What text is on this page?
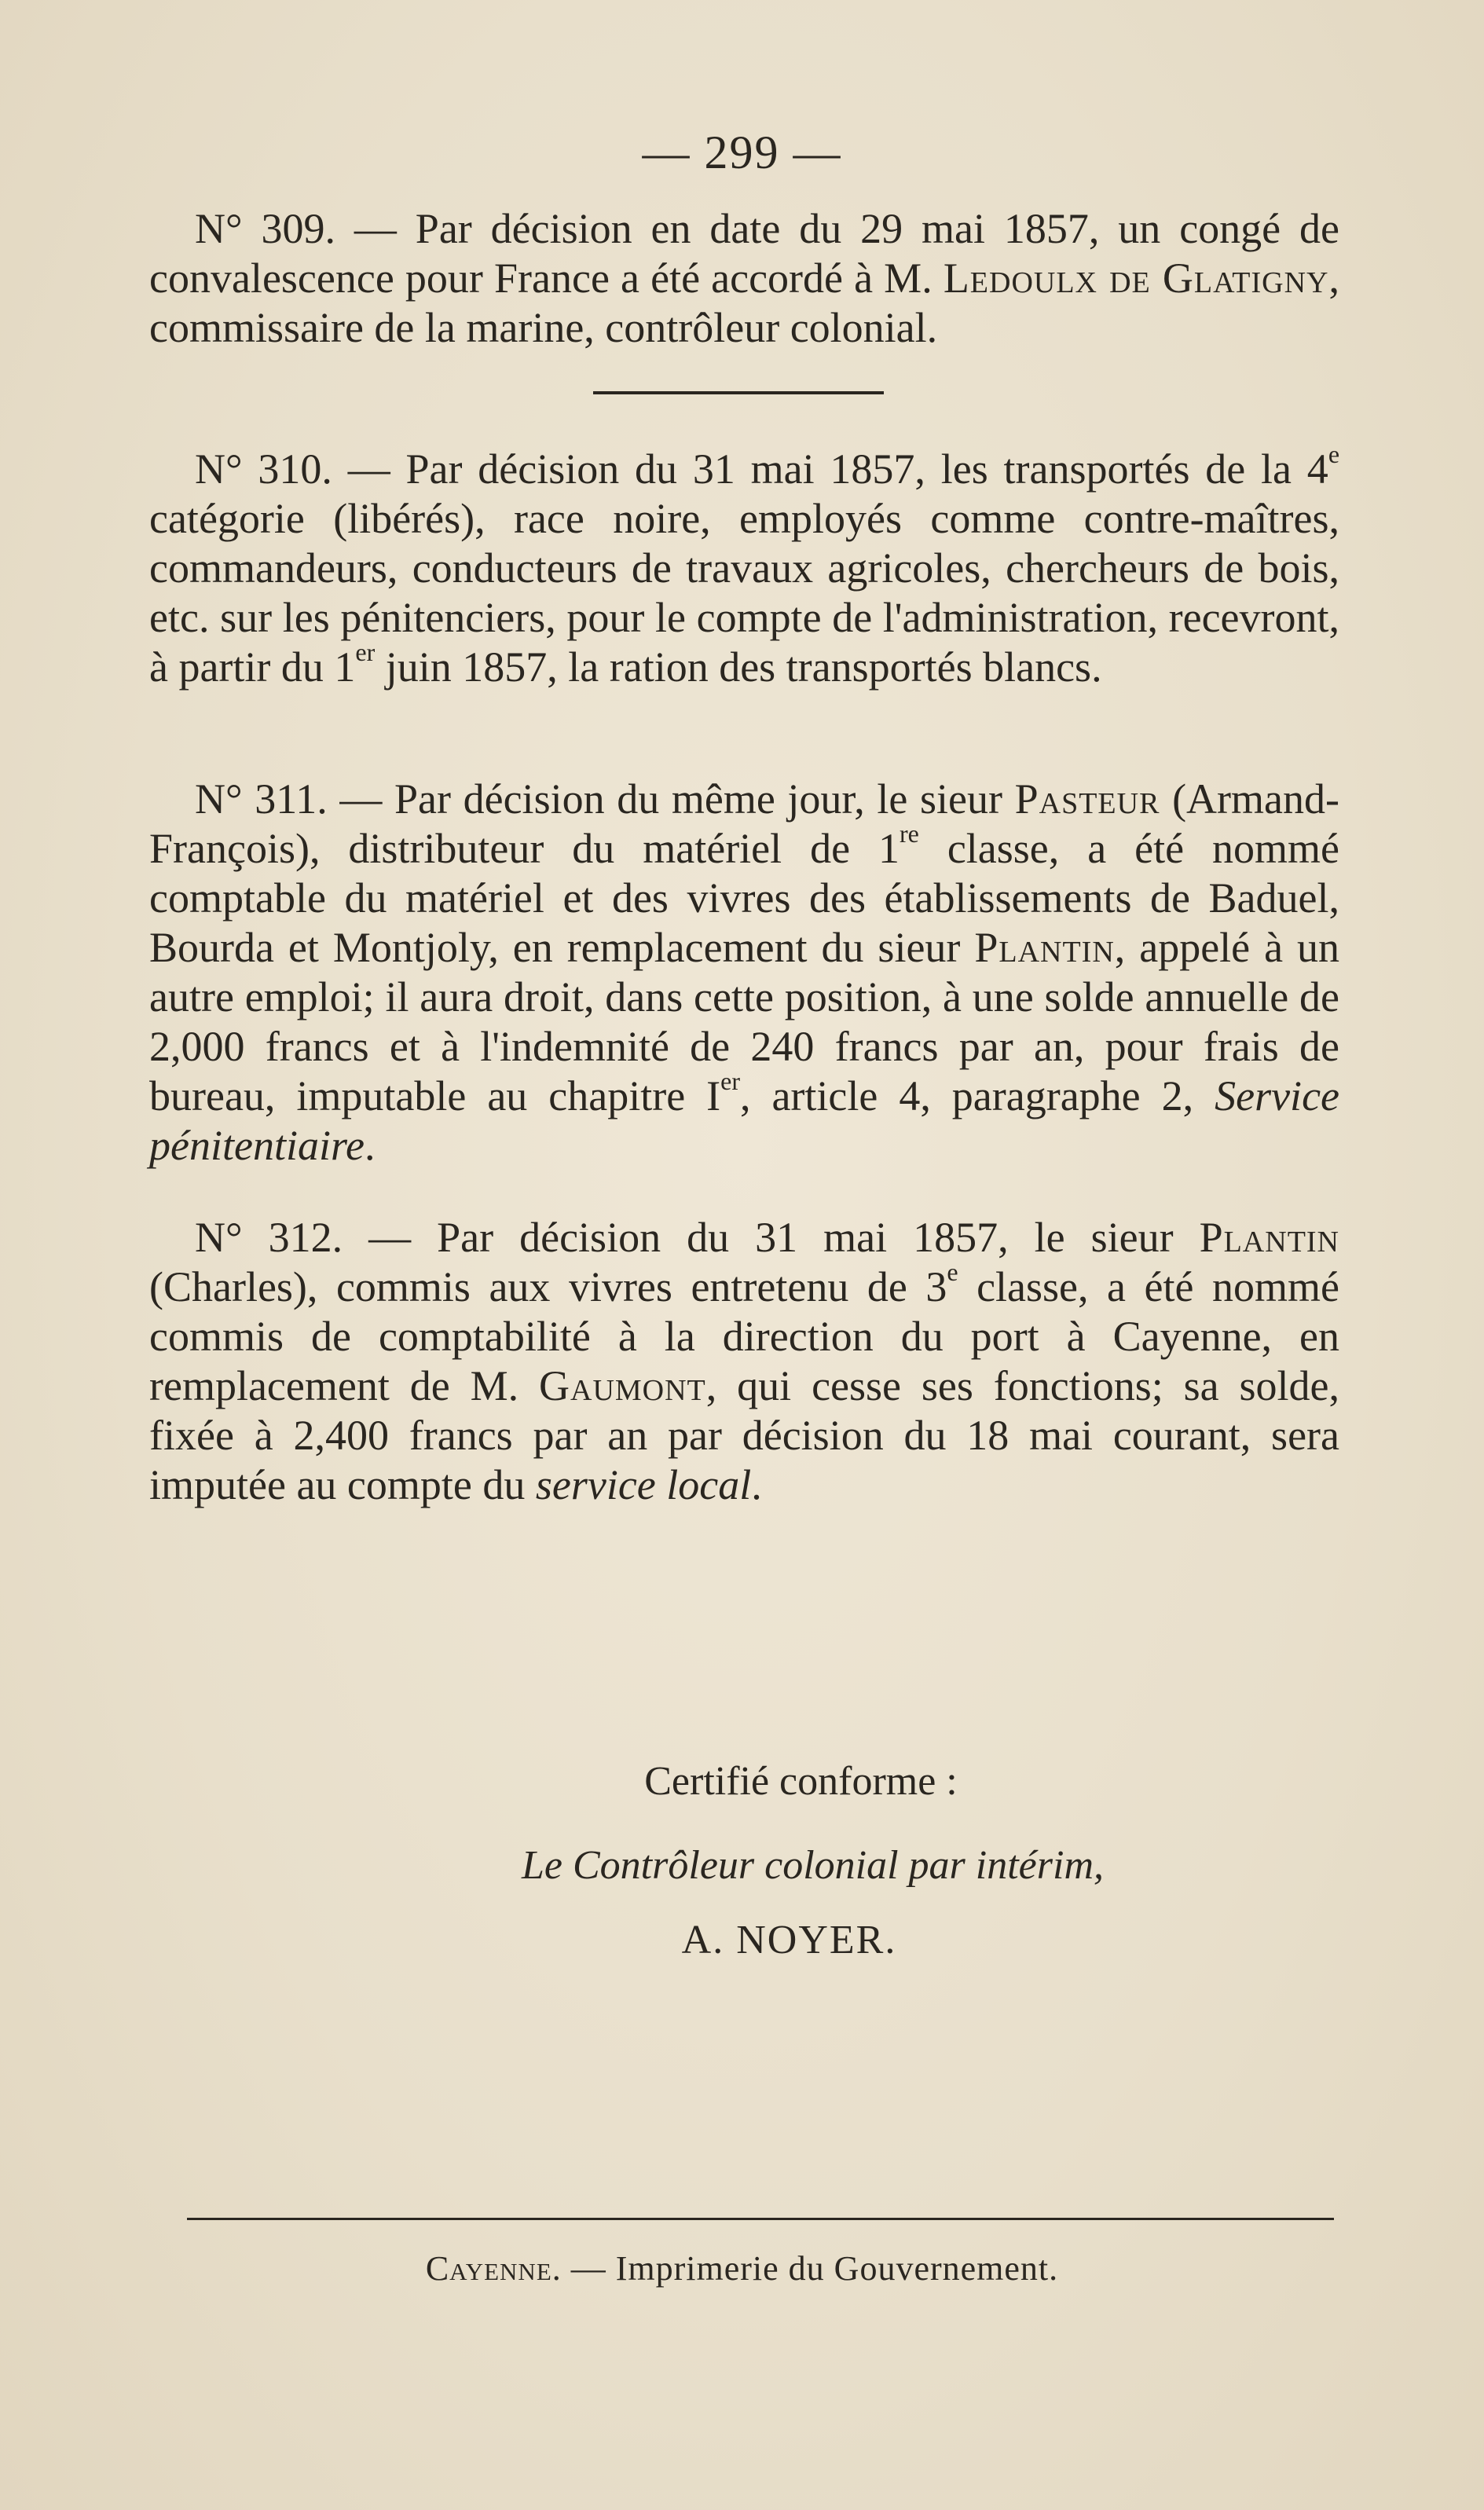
— 299 —

N° 309. — Par décision en date du 29 mai 1857, un congé de convalescence pour France a été accordé à M. Ledoulx de Glatigny, commissaire de la marine, contrôleur colonial.

N° 310. — Par décision du 31 mai 1857, les transportés de la 4e catégorie (libérés), race noire, employés comme contre-maîtres, commandeurs, conducteurs de travaux agricoles, chercheurs de bois, etc. sur les pénitenciers, pour le compte de l'administration, recevront, à partir du 1er juin 1857, la ration des transportés blancs.

N° 311. — Par décision du même jour, le sieur Pasteur (Armand-François), distributeur du matériel de 1re classe, a été nommé comptable du matériel et des vivres des établissements de Baduel, Bourda et Montjoly, en remplacement du sieur Plantin, appelé à un autre emploi; il aura droit, dans cette position, à une solde annuelle de 2,000 francs et à l'indemnité de 240 francs par an, pour frais de bureau, imputable au chapitre Ier, article 4, paragraphe 2, Service pénitentiaire.

N° 312. — Par décision du 31 mai 1857, le sieur Plantin (Charles), commis aux vivres entretenu de 3e classe, a été nommé commis de comptabilité à la direction du port à Cayenne, en remplacement de M. Gaumont, qui cesse ses fonctions; sa solde, fixée à 2,400 francs par an par décision du 18 mai courant, sera imputée au compte du service local.

Certifié conforme :
Le Contrôleur colonial par intérim,
A. NOYER.
Cayenne. — Imprimerie du Gouvernement.
